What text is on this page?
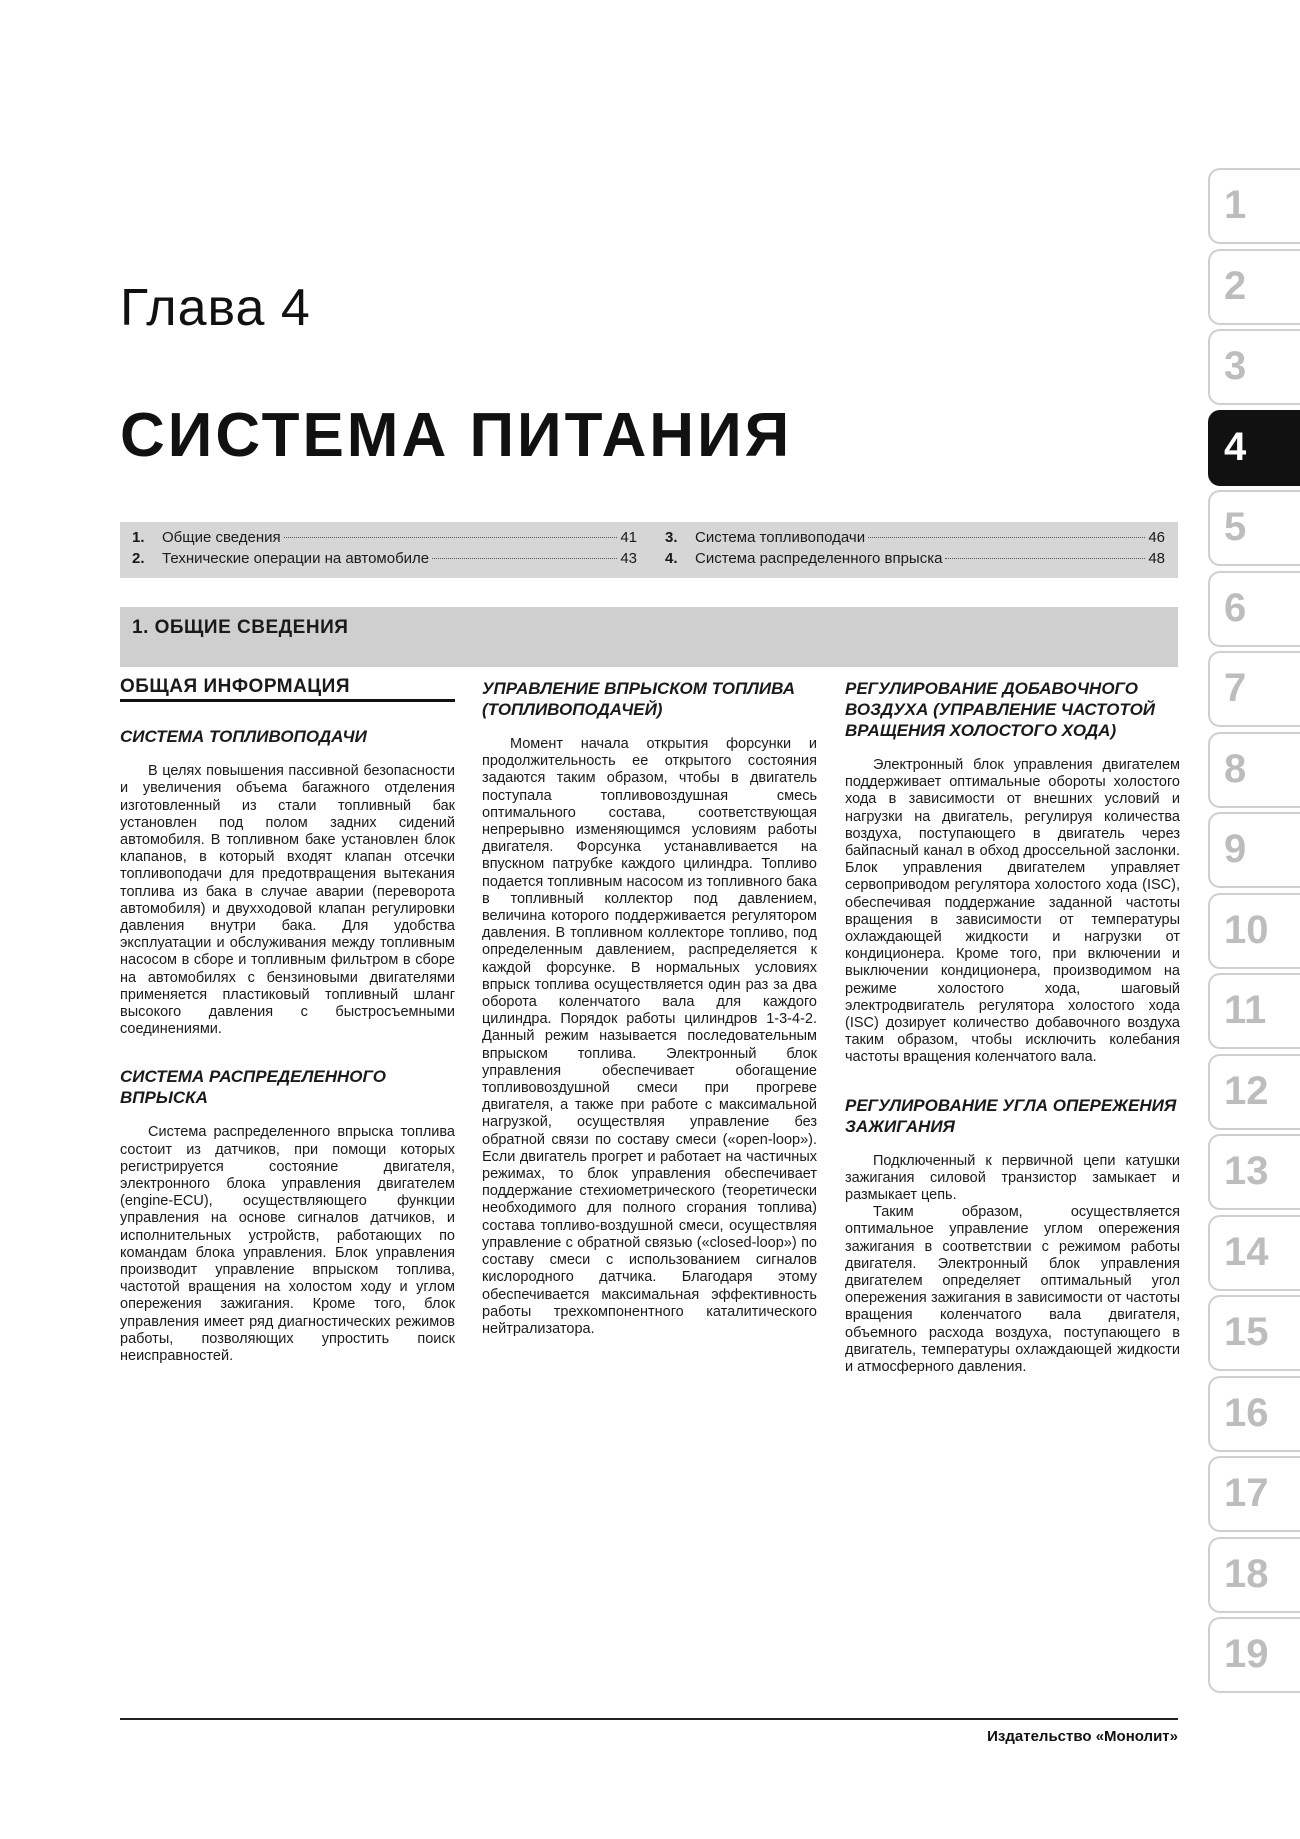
Глава 4
СИСТЕМА ПИТАНИЯ
1.	Общие сведения	41
2.	Технические операции на автомобиле	43
3.	Система топливоподачи	46
4.	Система распределенного впрыска	48
1. ОБЩИЕ СВЕДЕНИЯ
ОБЩАЯ ИНФОРМАЦИЯ
СИСТЕМА ТОПЛИВОПОДАЧИ

В целях повышения пассивной безопасности и увеличения объема багажного отделения изготовленный из стали топливный бак установлен под полом задних сидений автомобиля. В топливном баке установлен блок клапанов, в который входят клапан отсечки топливоподачи для предотвращения вытекания топлива из бака в случае аварии (переворота автомобиля) и двухходовой клапан регулировки давления внутри бака. Для удобства эксплуатации и обслуживания между топливным насосом в сборе и топливным фильтром в сборе на автомобилях с бензиновыми двигателями применяется пластиковый топливный шланг высокого давления с быстросъемными соединениями.

СИСТЕМА РАСПРЕДЕЛЕННОГО ВПРЫСКА

Система распределенного впрыска топлива состоит из датчиков, при помощи которых регистрируется состояние двигателя, электронного блока управления двигателем (engine-ECU), осуществляющего функции управления на основе сигналов датчиков, и исполнительных устройств, работающих по командам блока управления. Блок управления производит управление впрыском топлива, частотой вращения на холостом ходу и углом опережения зажигания. Кроме того, блок управления имеет ряд диагностических режимов работы, позволяющих упростить поиск неисправностей.

УПРАВЛЕНИЕ ВПРЫСКОМ ТОПЛИВА (ТОПЛИВОПОДАЧЕЙ)

Момент начала открытия форсунки и продолжительность ее открытого состояния задаются таким образом, чтобы в двигатель поступала топливовоздушная смесь оптимального состава, соответствующая непрерывно изменяющимся условиям работы двигателя. Форсунка устанавливается на впускном патрубке каждого цилиндра. Топливо подается топливным насосом из топливного бака в топливный коллектор под давлением, величина которого поддерживается регулятором давления. В топливном коллекторе топливо, под определенным давлением, распределяется к каждой форсунке. В нормальных условиях впрыск топлива осуществляется один раз за два оборота коленчатого вала для каждого цилиндра. Порядок работы цилиндров 1-3-4-2. Данный режим называется последовательным впрыском топлива. Электронный блок управления обеспечивает обогащение топливовоздушной смеси при прогреве двигателя, а также при работе с максимальной нагрузкой, осуществляя управление без обратной связи по составу смеси («open-loop»). Если двигатель прогрет и работает на частичных режимах, то блок управления обеспечивает поддержание стехиометрического (теоретически необходимого для полного сгорания топлива) состава топливо-воздушной смеси, осуществляя управление с обратной связью («closed-loop») по составу смеси с использованием сигналов кислородного датчика. Благодаря этому обеспечивается максимальная эффективность работы трехкомпонентного каталитического нейтрализатора.

РЕГУЛИРОВАНИЕ ДОБАВОЧНОГО ВОЗДУХА (УПРАВЛЕНИЕ ЧАСТОТОЙ ВРАЩЕНИЯ ХОЛОСТОГО ХОДА)

Электронный блок управления двигателем поддерживает оптимальные обороты холостого хода в зависимости от внешних условий и нагрузки на двигатель, регулируя количества воздуха, поступающего в двигатель через байпасный канал в обход дроссельной заслонки. Блок управления двигателем управляет сервоприводом регулятора холостого хода (ISC), обеспечивая поддержание заданной частоты вращения в зависимости от температуры охлаждающей жидкости и нагрузки от кондиционера. Кроме того, при включении и выключении кондиционера, производимом на режиме холостого хода, шаговый электродвигатель регулятора холостого хода (ISC) дозирует количество добавочного воздуха таким образом, чтобы исключить колебания частоты вращения коленчатого вала.

РЕГУЛИРОВАНИЕ УГЛА ОПЕРЕЖЕНИЯ ЗАЖИГАНИЯ

Подключенный к первичной цепи катушки зажигания силовой транзистор замыкает и размыкает цепь.

Таким образом, осуществляется оптимальное управление углом опережения зажигания в соответствии с режимом работы двигателя. Электронный блок управления двигателем определяет оптимальный угол опережения зажигания в зависимости от частоты вращения коленчатого вала двигателя, объемного расхода воздуха, поступающего в двигатель, температуры охлаждающей жидкости и атмосферного давления.

1
2
3
4
5
6
7
8
9
10
11
12
13
14
15
16
17
18
19
Издательство «Монолит»
